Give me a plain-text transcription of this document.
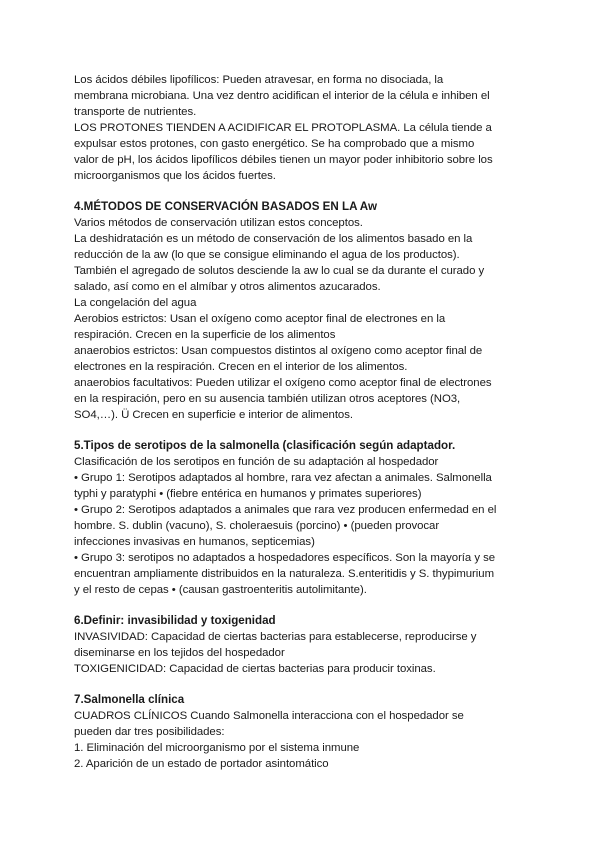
Los ácidos débiles lipofílicos: Pueden atravesar, en forma no disociada, la
membrana microbiana. Una vez dentro acidifican el interior de la célula e inhiben el
transporte de nutrientes.
LOS PROTONES TIENDEN A ACIDIFICAR EL PROTOPLASMA. La célula tiende a
expulsar estos protones, con gasto energético. Se ha comprobado que a mismo
valor de pH, los ácidos lipofílicos débiles tienen un mayor poder inhibitorio sobre los
microorganismos que los ácidos fuertes.
4.MÉTODOS DE CONSERVACIÓN BASADOS EN LA Aw
Varios métodos de conservación utilizan estos conceptos.
La deshidratación es un método de conservación de los alimentos basado en la
reducción de la aw (lo que se consigue eliminando el agua de los productos).
También el agregado de solutos desciende la aw lo cual se da durante el curado y
salado, así como en el almíbar y otros alimentos azucarados.
La congelación del agua
Aerobios estrictos: Usan el oxígeno como aceptor final de electrones en la
respiración. Crecen en la superficie de los alimentos
anaerobios estrictos: Usan compuestos distintos al oxígeno como aceptor final de
electrones en la respiración. Crecen en el interior de los alimentos.
anaerobios facultativos: Pueden utilizar el oxígeno como aceptor final de electrones
en la respiración, pero en su ausencia también utilizan otros aceptores (NO3,
SO4,…). Ü Crecen en superficie e interior de alimentos.
5.Tipos de serotipos de la salmonella (clasificación según adaptador.
Clasificación de los serotipos en función de su adaptación al hospedador
• Grupo 1: Serotipos adaptados al hombre, rara vez afectan a animales. Salmonella
typhi y paratyphi • (fiebre entérica en humanos y primates superiores)
• Grupo 2: Serotipos adaptados a animales que rara vez producen enfermedad en el
hombre. S. dublin (vacuno), S. choleraesuis (porcino) • (pueden provocar
infecciones invasivas en humanos, septicemias)
• Grupo 3: serotipos no adaptados a hospedadores específicos. Son la mayoría y se
encuentran ampliamente distribuidos en la naturaleza. S.enteritidis y S. thypimurium
y el resto de cepas • (causan gastroenteritis autolimitante).
6.Definir: invasibilidad y toxigenidad
INVASIVIDAD: Capacidad de ciertas bacterias para establecerse, reproducirse y
diseminarse en los tejidos del hospedador
TOXIGENICIDAD: Capacidad de ciertas bacterias para producir toxinas.
7.Salmonella clínica
CUADROS CLÍNICOS Cuando Salmonella interacciona con el hospedador se
pueden dar tres posibilidades:
1. Eliminación del microorganismo por el sistema inmune
2. Aparición de un estado de portador asintomático
